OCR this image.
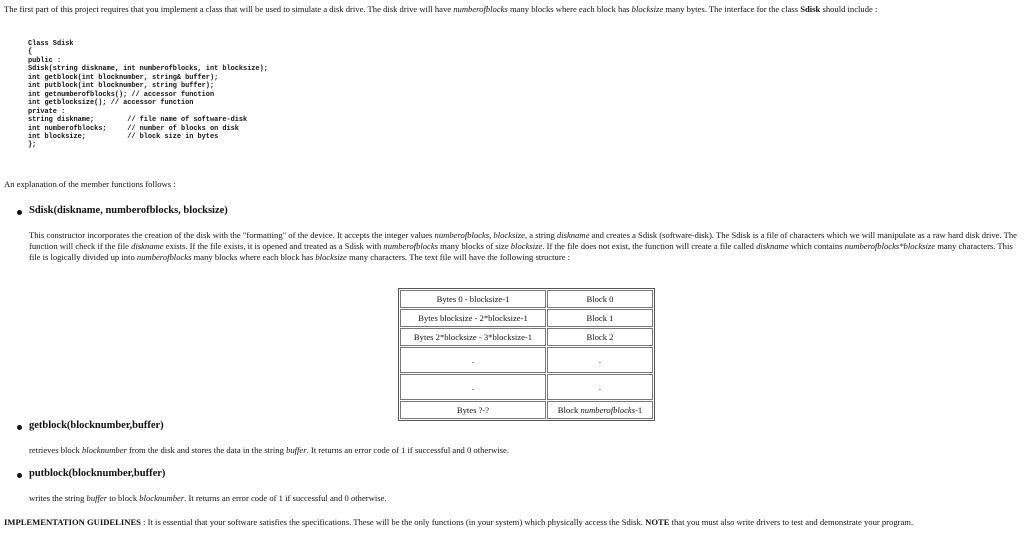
The first part of this project requires that you implement a class that will be used to simulate a disk drive. The disk drive will have numberofblocks many blocks where each block has blocksize many bytes. The interface for the class Sdisk should include :
Class Sdisk
{
public :
Sdisk(string diskname, int numberofblocks, int blocksize);
int getblock(int blocknumber, string& buffer);
int putblock(int blocknumber, string buffer);
int getnumberofblocks(); // accessor function
int getblocksize(); // accessor function
private :
string diskname;        // file name of software-disk
int numberofblocks;     // number of blocks on disk
int blocksize;          // block size in bytes
};
An explanation of the member functions follows :
Sdisk(diskname, numberofblocks, blocksize)
This constructor incorporates the creation of the disk with the "formatting" of the device. It accepts the integer values numberofblocks, blocksize, a string diskname and creates a Sdisk (software-disk). The Sdisk is a file of characters which we will manipulate as a raw hard disk drive. The function will check if the file diskname exists. If the file exists, it is opened and treated as a Sdisk with numberofblocks many blocks of size blocksize. If the file does not exist, the function will create a file called diskname which contains numberofblocks*blocksize many characters. This file is logically divided up into numberofblocks many blocks where each block has blocksize many characters. The text file will have the following structure :
Bytes 0 - blocksize-1	Block 0
Bytes blocksize - 2*blocksize-1	Block 1
Bytes 2*blocksize - 3*blocksize-1	Block 2
.	.
.	.
Bytes ?-?	Block numberofblocks-1
getblock(blocknumber,buffer)
retrieves block blocknumber from the disk and stores the data in the string buffer. It returns an error code of 1 if successful and 0 otherwise.
putblock(blocknumber,buffer)
writes the string buffer to block blocknumber. It returns an error code of 1 if successful and 0 otherwise.
IMPLEMENTATION GUIDELINES : It is essential that your software satisfies the specifications. These will be the only functions (in your system) which physically access the Sdisk. NOTE that you must also write drivers to test and demonstrate your program.
